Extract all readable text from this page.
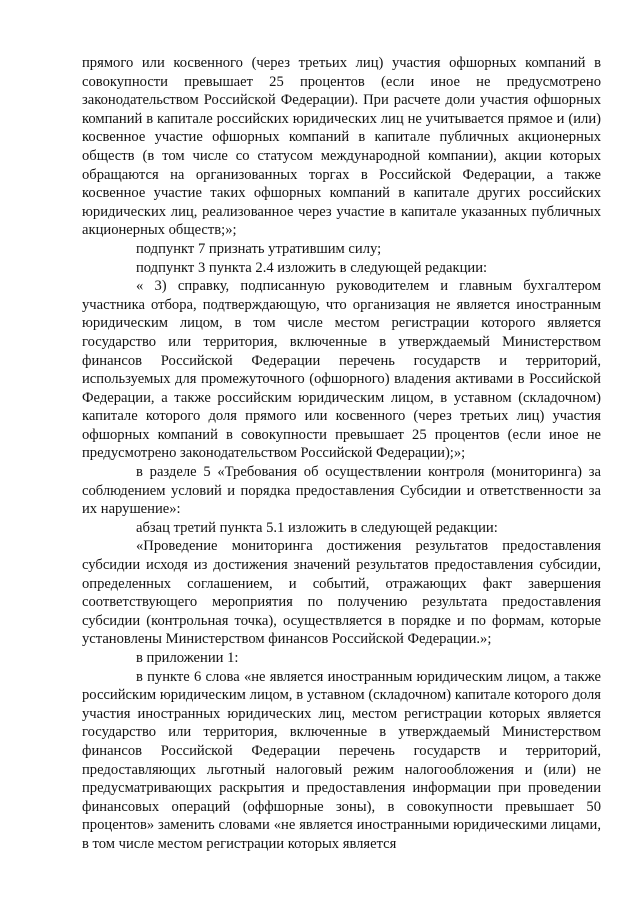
прямого или косвенного (через третьих лиц) участия офшорных компаний в совокупности превышает 25 процентов (если иное не предусмотрено законодательством Российской Федерации). При расчете доли участия офшорных компаний в капитале российских юридических лиц не учитывается прямое и (или) косвенное участие офшорных компаний в капитале публичных акционерных обществ (в том числе со статусом международной компании), акции которых обращаются на организованных торгах в Российской Федерации, а также косвенное участие таких офшорных компаний в капитале других российских юридических лиц, реализованное через участие в капитале указанных публичных акционерных обществ;»;

подпункт 7 признать утратившим силу;

подпункт 3 пункта 2.4 изложить в следующей редакции:

« 3) справку, подписанную руководителем и главным бухгалтером участника отбора, подтверждающую, что организация не является иностранным юридическим лицом, в том числе местом регистрации которого является государство или территория, включенные в утверждаемый Министерством финансов Российской Федерации перечень государств и территорий, используемых для промежуточного (офшорного) владения активами в Российской Федерации, а также российским юридическим лицом, в уставном (складочном) капитале которого доля прямого или косвенного (через третьих лиц) участия офшорных компаний в совокупности превышает 25 процентов (если иное не предусмотрено законодательством Российской Федерации);»;

в разделе 5 «Требования об осуществлении контроля (мониторинга) за соблюдением условий и порядка предоставления Субсидии и ответственности за их нарушение»:

абзац третий пункта 5.1 изложить в следующей редакции:

«Проведение мониторинга достижения результатов предоставления субсидии исходя из достижения значений результатов предоставления субсидии, определенных соглашением, и событий, отражающих факт завершения соответствующего мероприятия по получению результата предоставления субсидии (контрольная точка), осуществляется в порядке и по формам, которые установлены Министерством финансов Российской Федерации.»;

в приложении 1:

в пункте 6 слова «не является иностранным юридическим лицом, а также российским юридическим лицом, в уставном (складочном) капитале которого доля участия иностранных юридических лиц, местом регистрации которых является государство или территория, включенные в утверждаемый Министерством финансов Российской Федерации перечень государств и территорий, предоставляющих льготный налоговый режим налогообложения и (или) не предусматривающих раскрытия и предоставления информации при проведении финансовых операций (оффшорные зоны), в совокупности превышает 50 процентов» заменить словами «не является иностранными юридическими лицами, в том числе местом регистрации которых является
